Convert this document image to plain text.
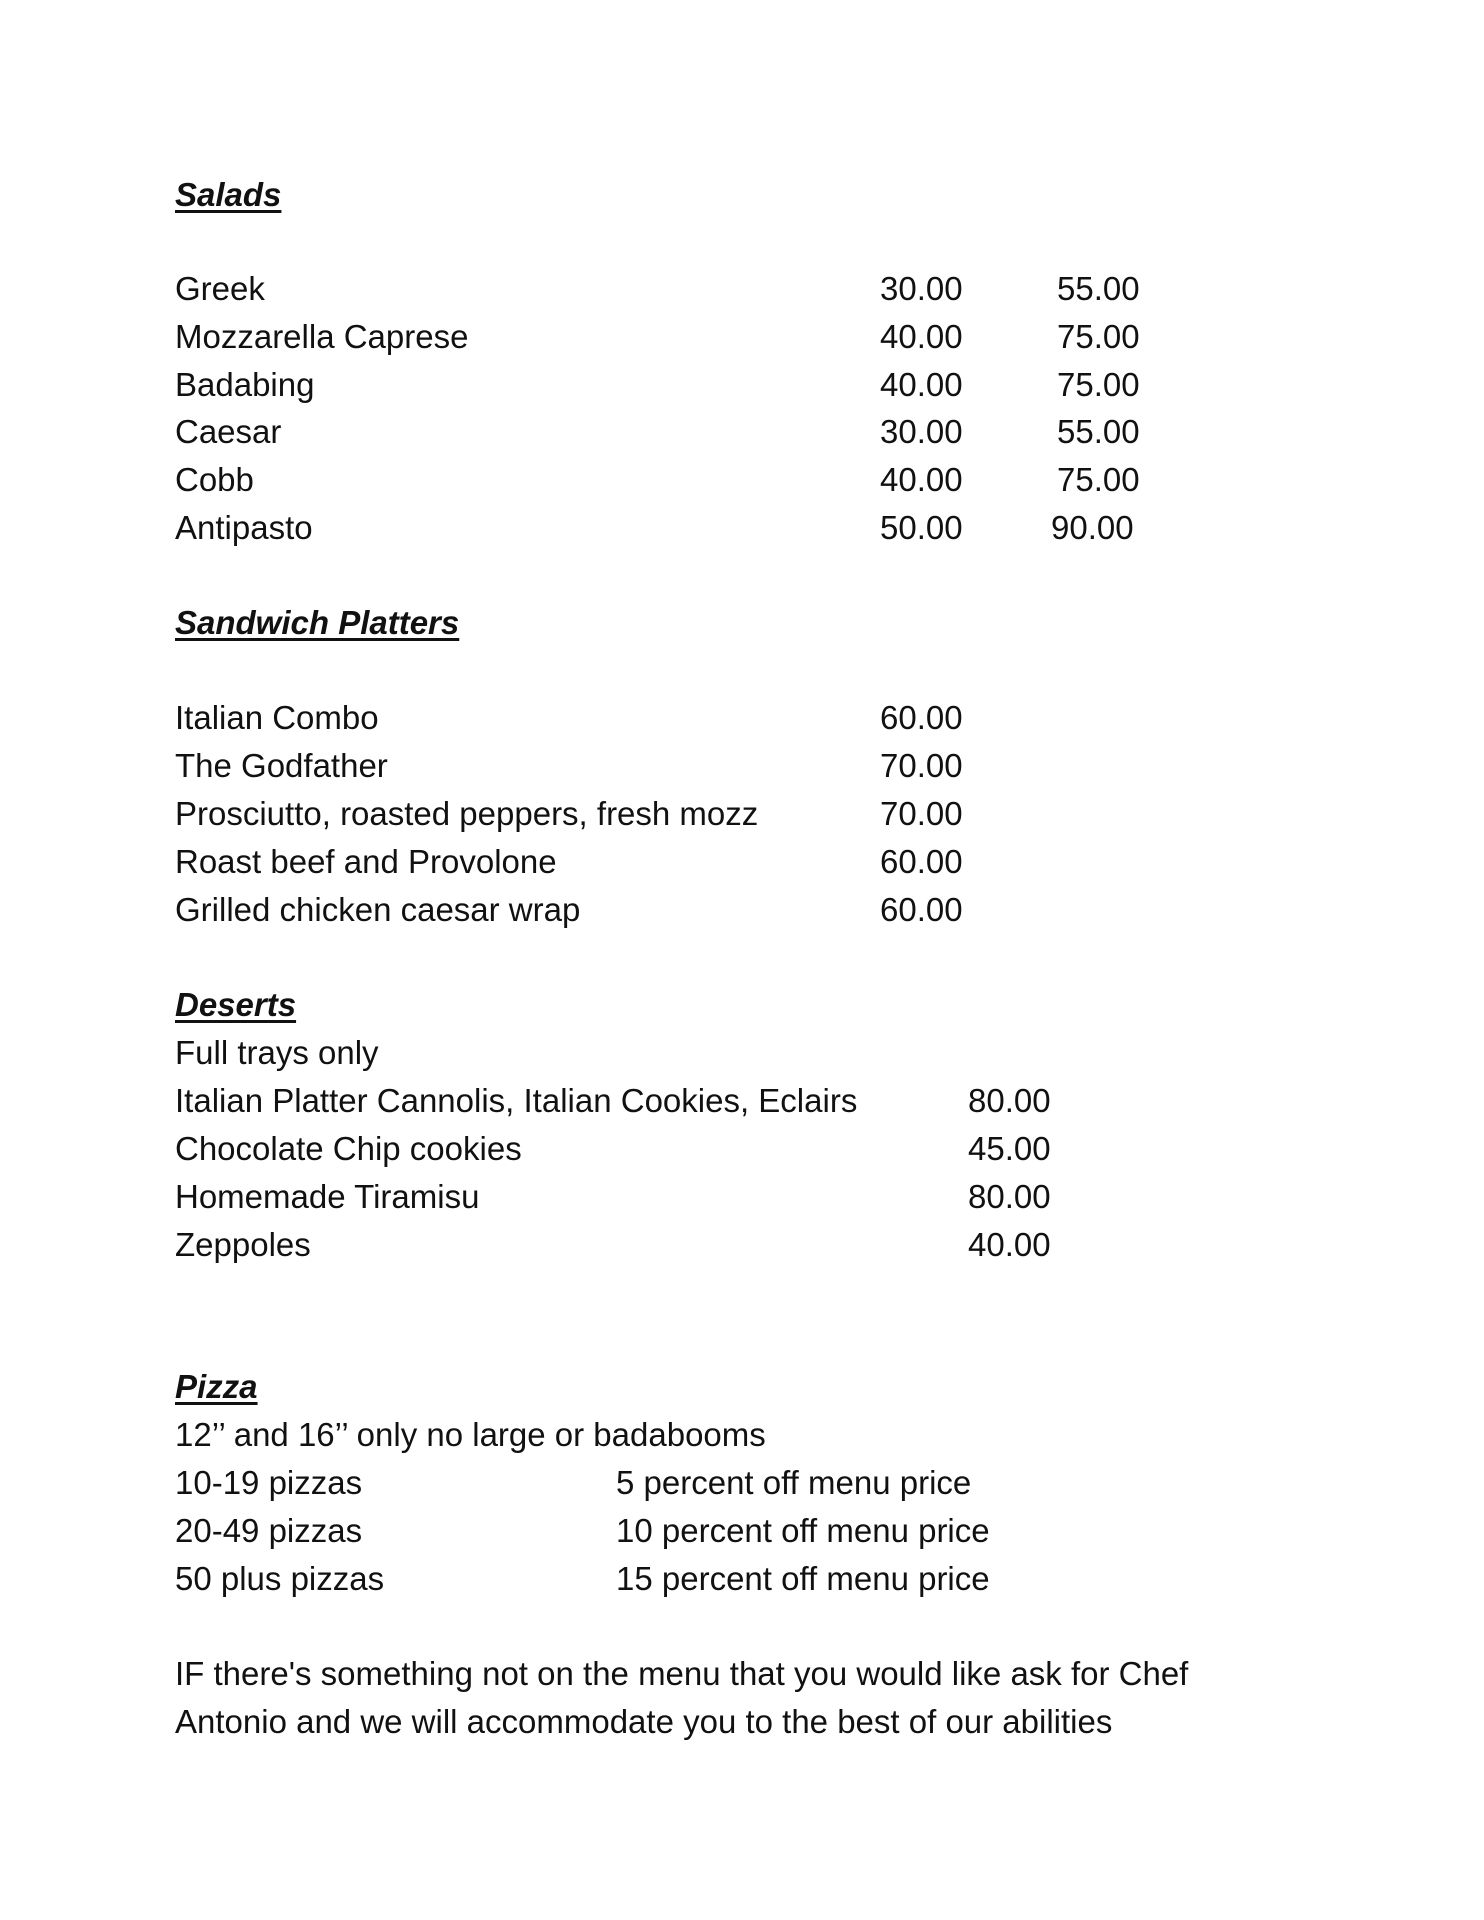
Salads
Greek	30.00	55.00
Mozzarella Caprese	40.00	75.00
Badabing	40.00	75.00
Caesar	30.00	55.00
Cobb	40.00	75.00
Antipasto	50.00	90.00
Sandwich Platters
Italian Combo	60.00
The Godfather	70.00
Prosciutto, roasted peppers, fresh mozz	70.00
Roast beef and Provolone	60.00
Grilled chicken caesar wrap	60.00
Deserts
Full trays only
Italian Platter Cannolis, Italian Cookies, Eclairs	80.00
Chocolate Chip cookies	45.00
Homemade Tiramisu	80.00
Zeppoles	40.00
Pizza
12’’ and 16’’ only no large or badabooms
10-19 pizzas	5 percent off menu price
20-49 pizzas	10 percent off menu price
50 plus pizzas	15 percent off menu price
IF there's something not on the menu that you would like ask for Chef
Antonio and we will accommodate you to the best of our abilities
